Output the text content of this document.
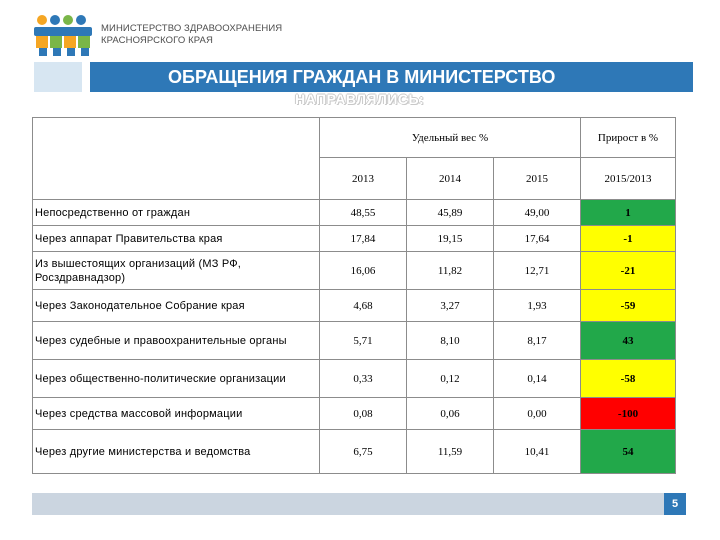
МИНИСТЕРСТВО ЗДРАВООХРАНЕНИЯ
КРАСНОЯРСКОГО КРАЯ
ОБРАЩЕНИЯ ГРАЖДАН В МИНИСТЕРСТВО
НАПРАВЛЯЛИСЬ:
	Удельный вес %			Прирост в %
	2013	2014	2015	2015/2013
Непосредственно от граждан	48,55	45,89	49,00	1
Через аппарат Правительства края	17,84	19,15	17,64	-1
Из вышестоящих организаций (МЗ РФ, Росздравнадзор)	16,06	11,82	12,71	-21
Через Законодательное Собрание края	4,68	3,27	1,93	-59
Через судебные и правоохранительные органы	5,71	8,10	8,17	43
Через общественно-политические организации	0,33	0,12	0,14	-58
Через средства массовой информации	0,08	0,06	0,00	-100
Через другие министерства и ведомства	6,75	11,59	10,41	54
5
